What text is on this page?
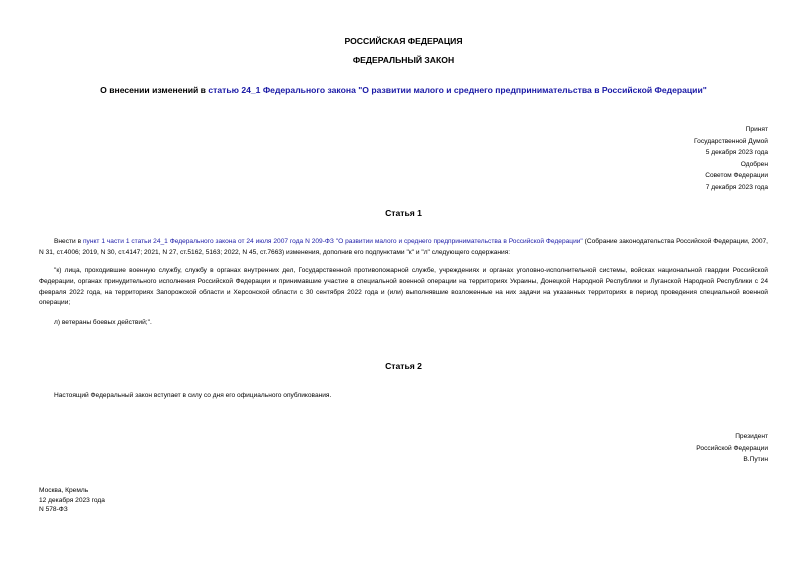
РОССИЙСКАЯ ФЕДЕРАЦИЯ
ФЕДЕРАЛЬНЫЙ ЗАКОН
О внесении изменений в статью 24_1 Федерального закона "О развитии малого и среднего предпринимательства в Российской Федерации"
Принят
Государственной Думой
5 декабря 2023 года
Одобрен
Советом Федерации
7 декабря 2023 года
Статья 1
Внести в пункт 1 части 1 статьи 24_1 Федерального закона от 24 июля 2007 года N 209-ФЗ "О развитии малого и среднего предпринимательства в Российской Федерации" (Собрание законодательства Российской Федерации, 2007, N 31, ст.4006; 2019, N 30, ст.4147; 2021, N 27, ст.5162, 5163; 2022, N 45, ст.7663) изменения, дополнив его подпунктами "к" и "л" следующего содержания:
"к) лица, проходившие военную службу, службу в органах внутренних дел, Государственной противопожарной службе, учреждениях и органах уголовно-исполнительной системы, войсках национальной гвардии Российской Федерации, органах принудительного исполнения Российской Федерации и принимавшие участие в специальной военной операции на территориях Украины, Донецкой Народной Республики и Луганской Народной Республики с 24 февраля 2022 года, на территориях Запорожской области и Херсонской области с 30 сентября 2022 года и (или) выполнявшие возложенные на них задачи на указанных территориях в период проведения специальной военной операции;
л) ветераны боевых действий;".
Статья 2
Настоящий Федеральный закон вступает в силу со дня его официального опубликования.
Президент
Российской Федерации
В.Путин
Москва, Кремль
12 декабря 2023 года
N 578-ФЗ
